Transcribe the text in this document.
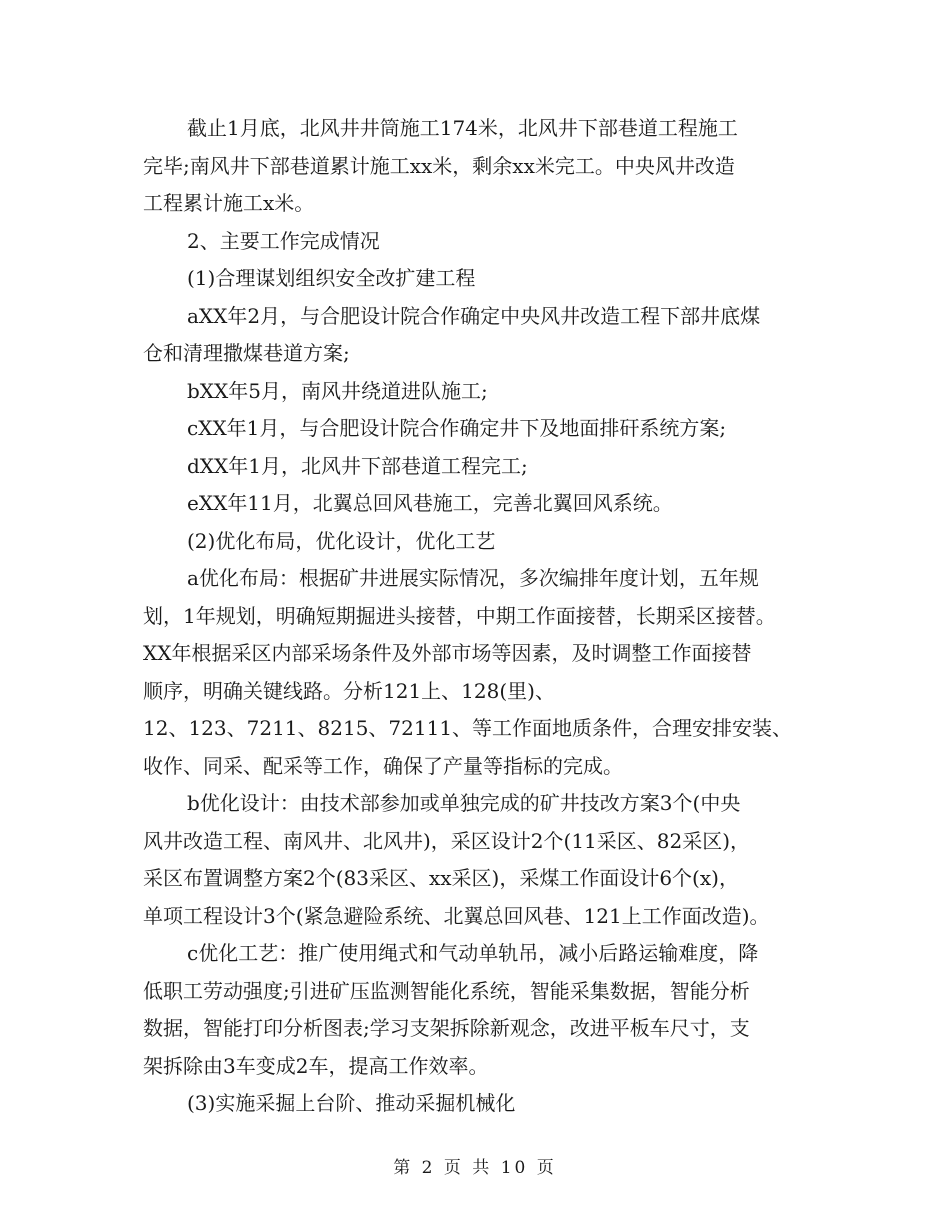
截止1月底，北风井井筒施工174米，北风井下部巷道工程施工
完毕;南风井下部巷道累计施工xx米，剩余xx米完工。中央风井改造
工程累计施工x米。
2、主要工作完成情况
(1)合理谋划组织安全改扩建工程
aXX年2月，与合肥设计院合作确定中央风井改造工程下部井底煤
仓和清理撒煤巷道方案;
bXX年5月，南风井绕道进队施工;
cXX年1月，与合肥设计院合作确定井下及地面排矸系统方案;
dXX年1月，北风井下部巷道工程完工;
eXX年11月，北翼总回风巷施工，完善北翼回风系统。
(2)优化布局，优化设计，优化工艺
a优化布局：根据矿井进展实际情况，多次编排年度计划，五年规
划，1年规划，明确短期掘进头接替，中期工作面接替，长期采区接替。
XX年根据采区内部采场条件及外部市场等因素，及时调整工作面接替
顺序，明确关键线路。分析121上、128(里)、
12、123、7211、8215、72111、等工作面地质条件，合理安排安装、
收作、同采、配采等工作，确保了产量等指标的完成。
b优化设计：由技术部参加或单独完成的矿井技改方案3个(中央
风井改造工程、南风井、北风井)，采区设计2个(11采区、82采区)，
采区布置调整方案2个(83采区、xx采区)，采煤工作面设计6个(x)，
单项工程设计3个(紧急避险系统、北翼总回风巷、121上工作面改造)。
c优化工艺：推广使用绳式和气动单轨吊，减小后路运输难度，降
低职工劳动强度;引进矿压监测智能化系统，智能采集数据，智能分析
数据，智能打印分析图表;学习支架拆除新观念，改进平板车尺寸，支
架拆除由3车变成2车，提高工作效率。
(3)实施采掘上台阶、推动采掘机械化

第 2 页 共 10 页
